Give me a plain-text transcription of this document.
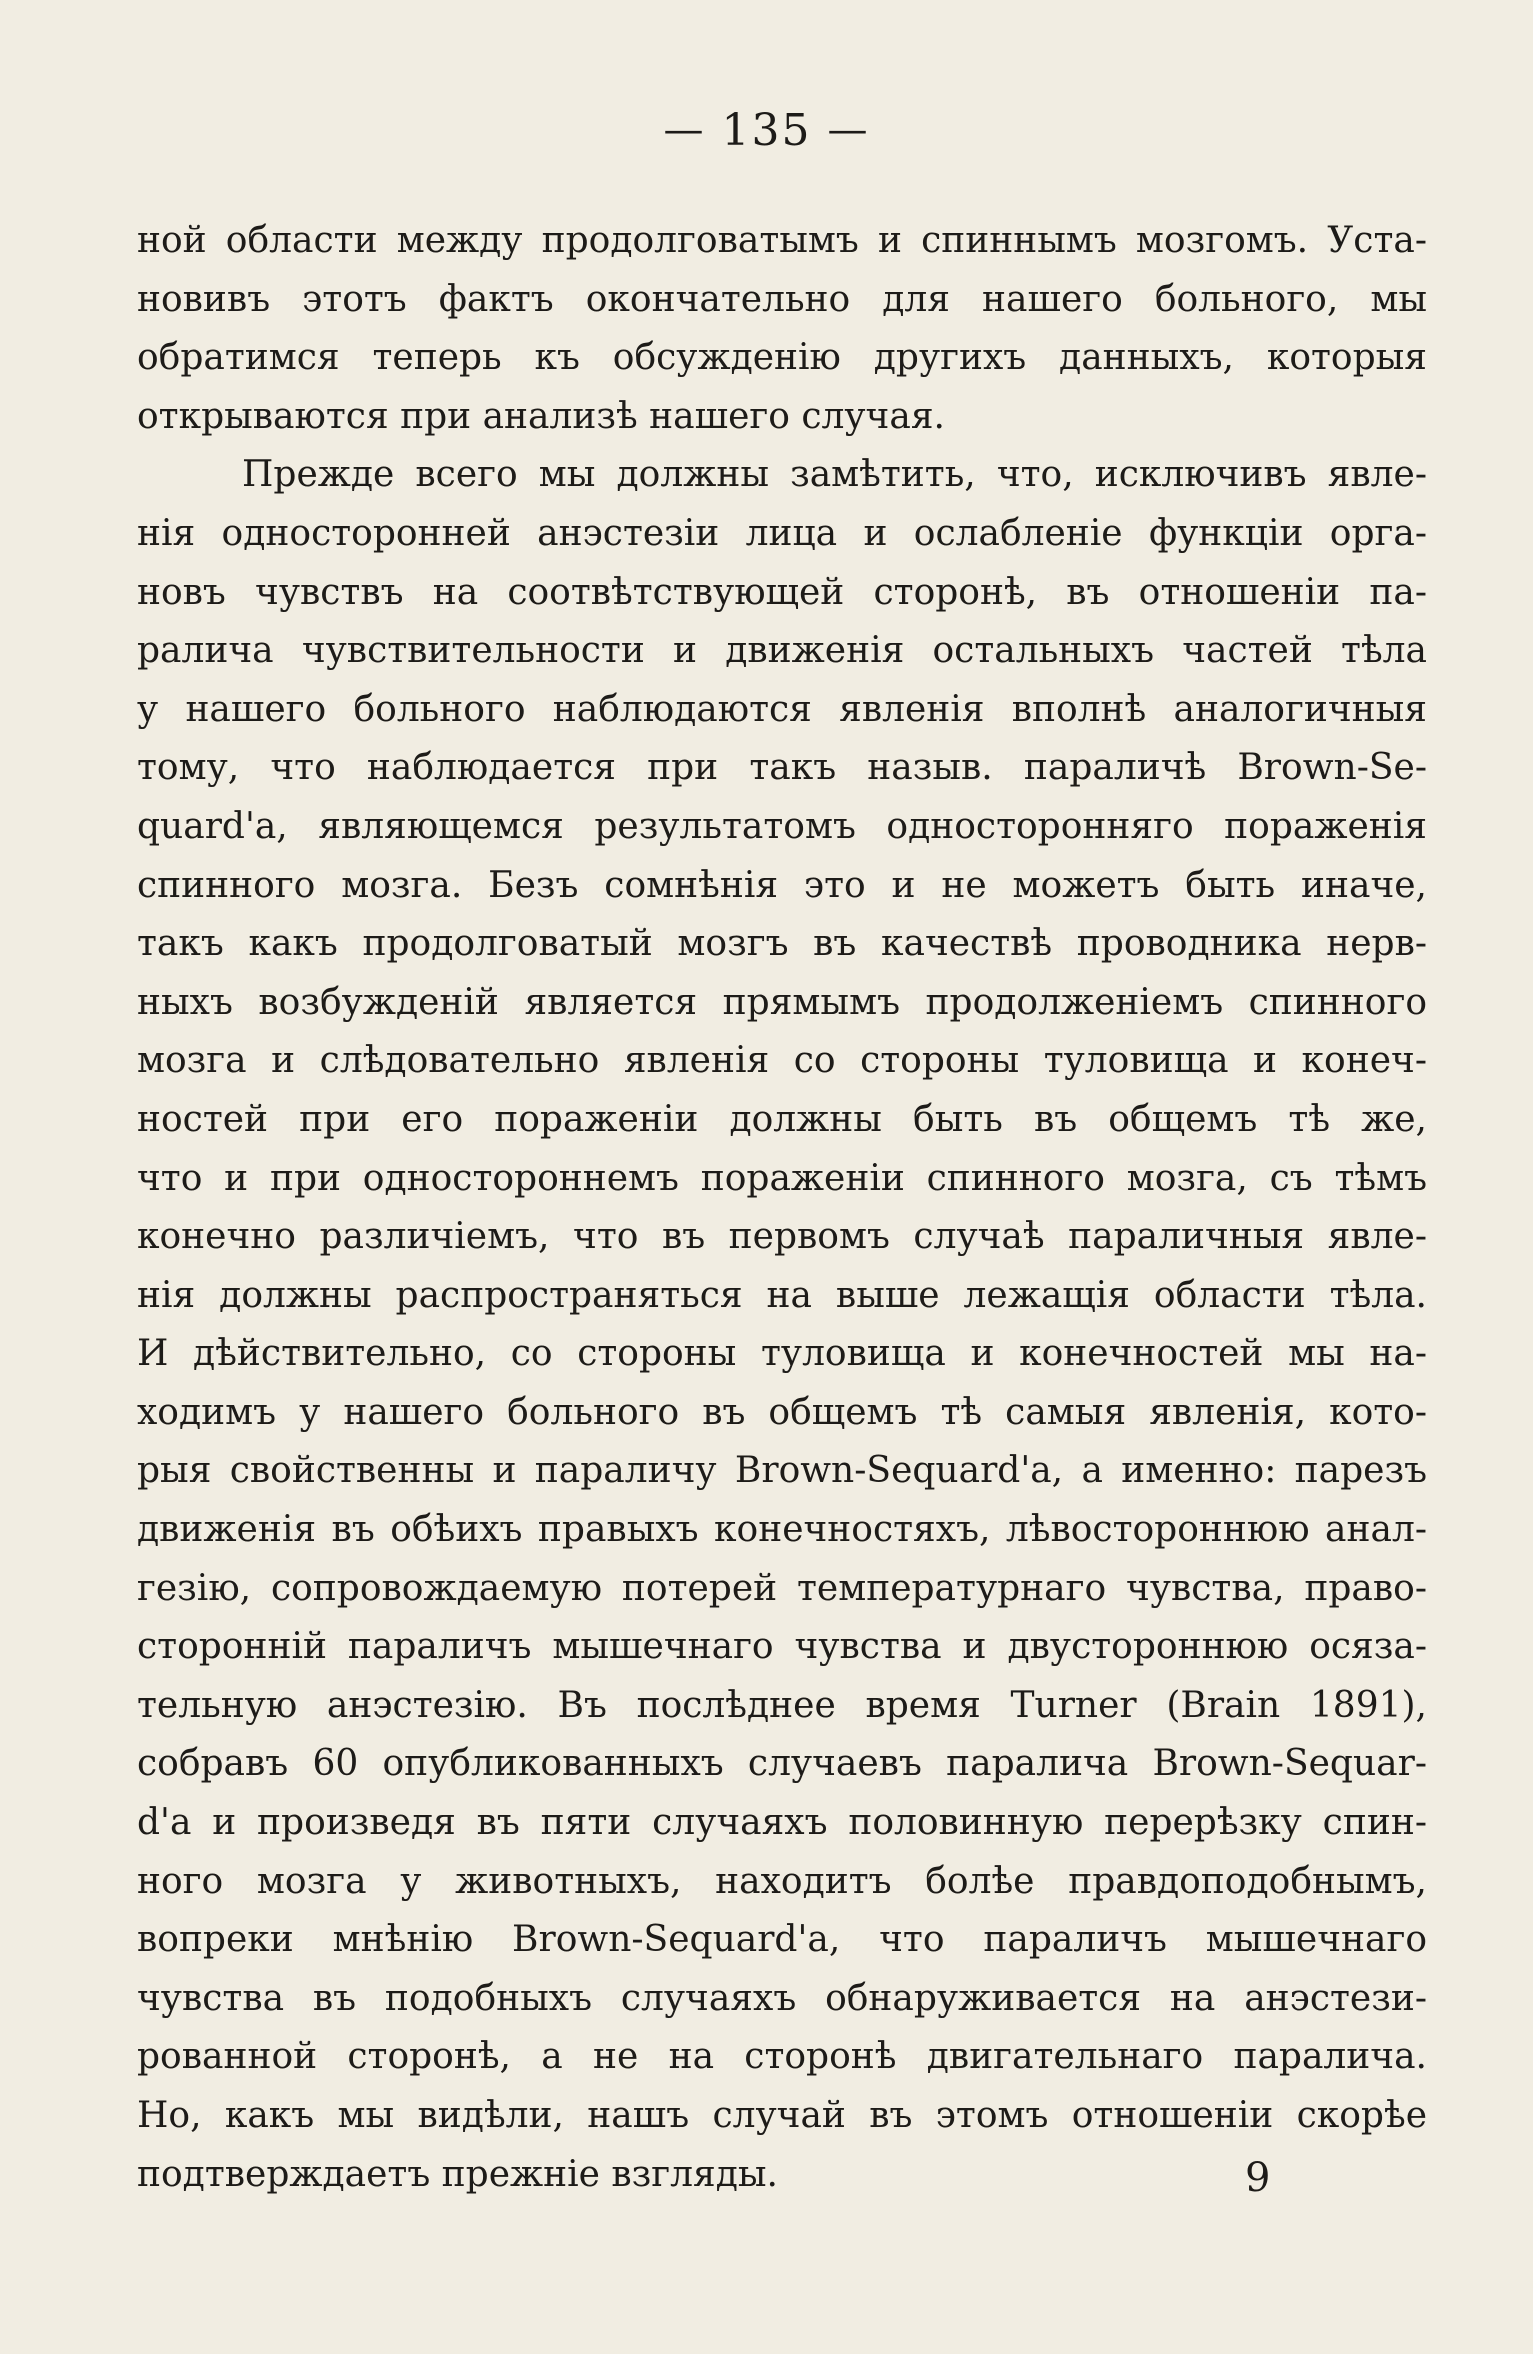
— 135 —
ной области между продолговатымъ и спиннымъ мозгомъ. Уста-
новивъ этотъ фактъ окончательно для нашего больного, мы
обратимся теперь къ обсужденію другихъ данныхъ, которыя
открываются при анализѣ нашего случая.
Прежде всего мы должны замѣтить, что, исключивъ явле-
нія односторонней анэстезіи лица и ослабленіе функціи орга-
новъ чувствъ на соотвѣтствующей сторонѣ, въ отношеніи па-
ралича чувствительности и движенія остальныхъ частей тѣла
у нашего больного наблюдаются явленія вполнѣ аналогичныя
тому, что наблюдается при такъ назыв. параличѣ Brown-Se-
quard'a, являющемся результатомъ односторонняго пораженія
спинного мозга. Безъ сомнѣнія это и не можетъ быть иначе,
такъ какъ продолговатый мозгъ въ качествѣ проводника нерв-
ныхъ возбужденій является прямымъ продолженіемъ спинного
мозга и слѣдовательно явленія со стороны туловища и конеч-
ностей при его пораженіи должны быть въ общемъ тѣ же,
что и при одностороннемъ пораженіи спинного мозга, съ тѣмъ
конечно различіемъ, что въ первомъ случаѣ параличныя явле-
нія должны распространяться на выше лежащія области тѣла.
И дѣйствительно, со стороны туловища и конечностей мы на-
ходимъ у нашего больного въ общемъ тѣ самыя явленія, кото-
рыя свойственны и параличу Brown-Sequard'a, а именно: парезъ
движенія въ обѣихъ правыхъ конечностяхъ, лѣвостороннюю анал-
гезію, сопровождаемую потерей температурнаго чувства, право-
сторонній параличъ мышечнаго чувства и двустороннюю осяза-
тельную анэстезію. Въ послѣднее время Turner (Brain 1891),
собравъ 60 опубликованныхъ случаевъ паралича Brown-Sequar-
d'a и произведя въ пяти случаяхъ половинную перерѣзку спин-
ного мозга у животныхъ, находитъ болѣе правдоподобнымъ,
вопреки мнѣнію Brown-Sequard'a, что параличъ мышечнаго
чувства въ подобныхъ случаяхъ обнаруживается на анэстези-
рованной сторонѣ, а не на сторонѣ двигательнаго паралича.
Но, какъ мы видѣли, нашъ случай въ этомъ отношеніи скорѣе
подтверждаетъ прежніе взгляды.	9
